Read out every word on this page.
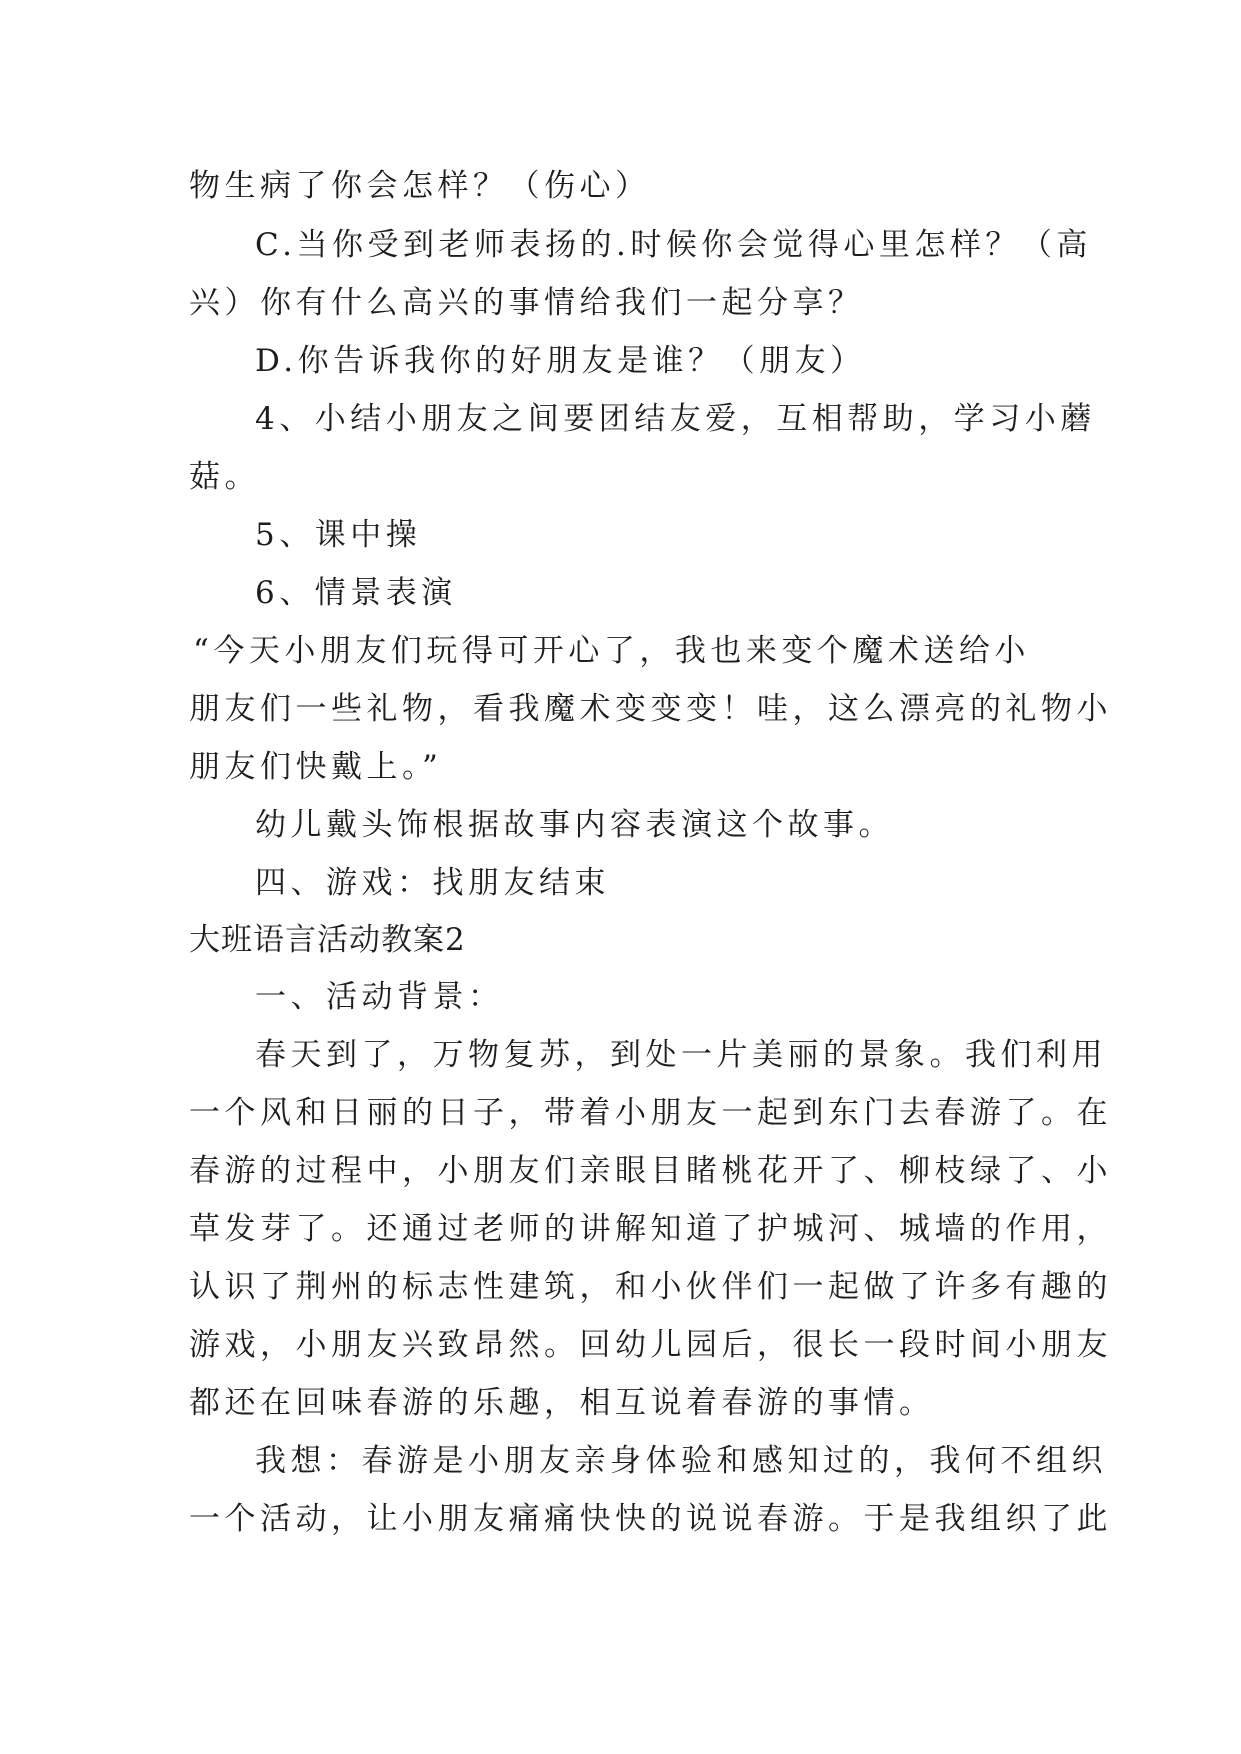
物生病了你会怎样？（伤心）
C.当你受到老师表扬的.时候你会觉得心里怎样？（高
兴）你有什么高兴的事情给我们一起分享？
D.你告诉我你的好朋友是谁？（朋友）
4、小结小朋友之间要团结友爱，互相帮助，学习小蘑
菇。
5、课中操
6、情景表演
“今天小朋友们玩得可开心了，我也来变个魔术送给小
朋友们一些礼物，看我魔术变变变！哇，这么漂亮的礼物小
朋友们快戴上。”
幼儿戴头饰根据故事内容表演这个故事。
四、游戏：找朋友结束
大班语言活动教案2
一、活动背景：
春天到了，万物复苏，到处一片美丽的景象。我们利用
一个风和日丽的日子，带着小朋友一起到东门去春游了。在
春游的过程中，小朋友们亲眼目睹桃花开了、柳枝绿了、小
草发芽了。还通过老师的讲解知道了护城河、城墙的作用，
认识了荆州的标志性建筑，和小伙伴们一起做了许多有趣的
游戏，小朋友兴致昂然。回幼儿园后，很长一段时间小朋友
都还在回味春游的乐趣，相互说着春游的事情。
我想：春游是小朋友亲身体验和感知过的，我何不组织
一个活动，让小朋友痛痛快快的说说春游。于是我组织了此
